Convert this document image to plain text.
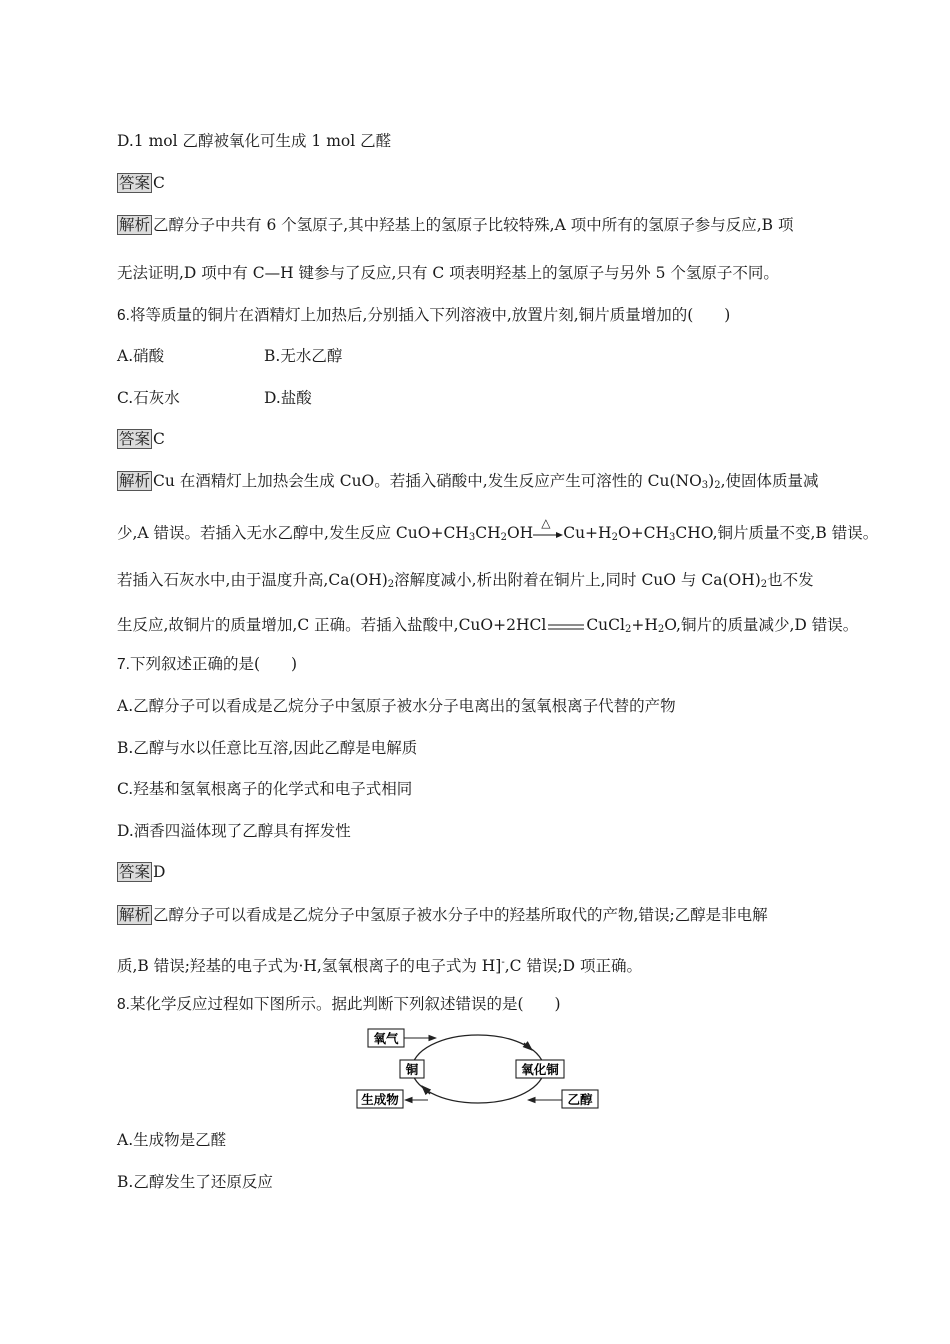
D.1 mol 乙醇被氧化可生成 1 mol 乙醛
答案 C
解析 乙醇分子中共有 6 个氢原子,其中羟基上的氢原子比较特殊,A 项中所有的氢原子参与反应,B 项
无法证明,D 项中有 C—H 键参与了反应,只有 C 项表明羟基上的氢原子与另外 5 个氢原子不同。
6.将等质量的铜片在酒精灯上加热后,分别插入下列溶液中,放置片刻,铜片质量增加的(　　)
A.硝酸	B.无水乙醇
C.石灰水	D.盐酸
答案 C
解析 Cu 在酒精灯上加热会生成 CuO。若插入硝酸中,发生反应产生可溶性的 $Cu(NO_3)_2$,使固体质量减
少,A 错误。若插入无水乙醇中,发生反应 $CuO+CH_3CH_2OH$
△
$Cu+H_2O+CH_3CHO$,铜片质量不变,B 错误。
若插入石灰水中,由于温度升高$,Ca(OH)_2$溶解度减小,析出附着在铜片上,同时 CuO 与 $Ca(OH)_2$也不发
生反应,故铜片的质量增加,C 正确。若插入盐酸中,CuO+2HCl	$CuCl_2+H_2O$,铜片的质量减少,D 错误。
7.下列叙述正确的是(　　)
A.乙醇分子可以看成是乙烷分子中氢原子被水分子电离出的氢氧根离子代替的产物
B.乙醇与水以任意比互溶,因此乙醇是电解质
C.羟基和氢氧根离子的化学式和电子式相同
D.酒香四溢体现了乙醇具有挥发性
答案 D
解析 乙醇分子可以看成是乙烷分子中氢原子被水分子中的羟基所取代的产物,错误;乙醇是非电解
质,B 错误;羟基的电子式为·H,氢氧根离子的电子式为 H]-,C 错误;D 项正确。
8.某化学反应过程如下图所示。据此判断下列叙述错误的是(　　)
氧气
铜	氧化铜
生成物	乙醇
A.生成物是乙醛
B.乙醇发生了还原反应
